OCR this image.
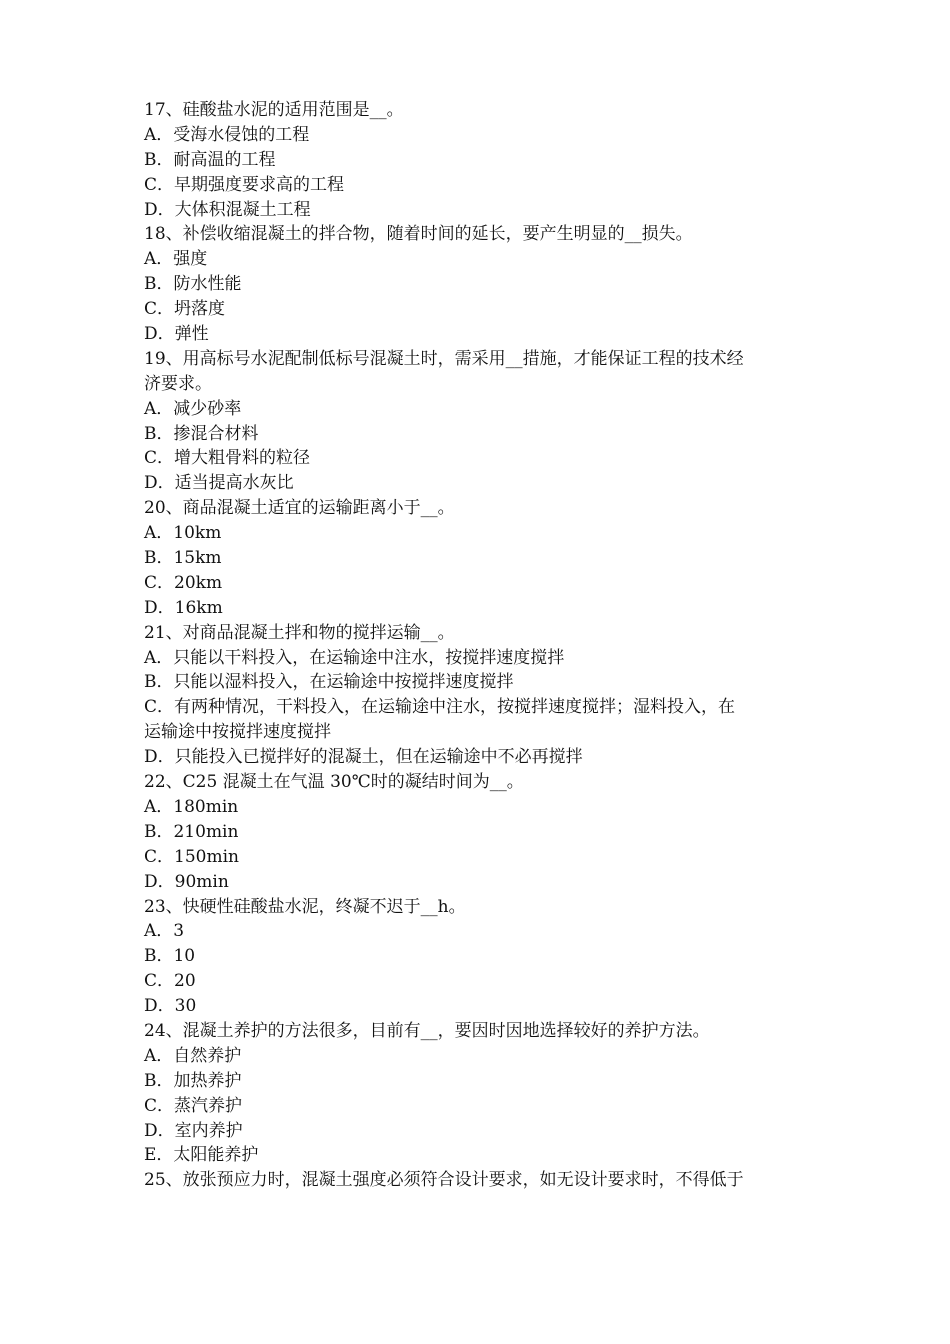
17、硅酸盐水泥的适用范围是__。
A．受海水侵蚀的工程
B．耐高温的工程
C．早期强度要求高的工程
D．大体积混凝土工程
18、补偿收缩混凝土的拌合物，随着时间的延长，要产生明显的__损失。
A．强度
B．防水性能
C．坍落度
D．弹性
19、用高标号水泥配制低标号混凝土时，需采用__措施，才能保证工程的技术经
济要求。
A．减少砂率
B．掺混合材料
C．增大粗骨料的粒径
D．适当提高水灰比
20、商品混凝土适宜的运输距离小于__。
A．10km
B．15km
C．20km
D．16km
21、对商品混凝土拌和物的搅拌运输__。
A．只能以干料投入，在运输途中注水，按搅拌速度搅拌
B．只能以湿料投入，在运输途中按搅拌速度搅拌
C．有两种情况，干料投入，在运输途中注水，按搅拌速度搅拌；湿料投入，在
运输途中按搅拌速度搅拌
D．只能投入已搅拌好的混凝土，但在运输途中不必再搅拌
22、C25 混凝土在气温 30℃时的凝结时间为__。
A．180min
B．210min
C．150min
D．90min
23、快硬性硅酸盐水泥，终凝不迟于__h。
A．3
B．10
C．20
D．30
24、混凝土养护的方法很多，目前有__，要因时因地选择较好的养护方法。
A．自然养护
B．加热养护
C．蒸汽养护
D．室内养护
E．太阳能养护
25、放张预应力时，混凝土强度必须符合设计要求，如无设计要求时，不得低于
